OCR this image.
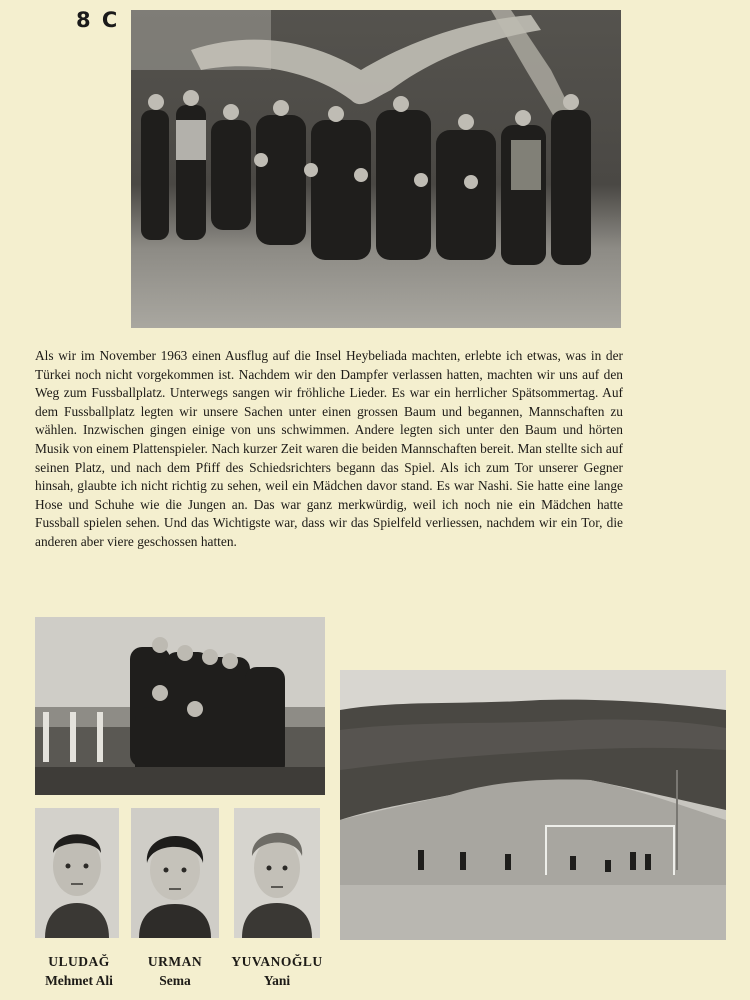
8 C

Als wir im November 1963 einen Ausflug auf die Insel Heybeliada machten, erlebte ich etwas, was in der Türkei noch nicht vorgekommen ist. Nachdem wir den Dampfer verlassen hatten, machten wir uns auf den Weg zum Fussballplatz. Unterwegs sangen wir fröhliche Lieder. Es war ein herrlicher Spätsommertag. Auf dem Fussballplatz legten wir unsere Sachen unter einen grossen Baum und begannen, Mannschaften zu wählen. Inzwischen gingen einige von uns schwimmen. Andere legten sich unter den Baum und hörten Musik von einem Plattenspieler. Nach kurzer Zeit waren die beiden Mannschaften bereit. Man stellte sich auf seinen Platz, und nach dem Pfiff des Schiedsrichters begann das Spiel. Als ich zum Tor unserer Gegner hinsah, glaubte ich nicht richtig zu sehen, weil ein Mädchen davor stand. Es war Nashi. Sie hatte eine lange Hose und Schuhe wie die Jungen an. Das war ganz merkwürdig, weil ich noch nie ein Mädchen hatte Fussball spielen sehen. Und das Wichtigste war, dass wir das Spielfeld verliessen, nachdem wir ein Tor, die anderen aber viere geschossen hatten.

ULUDAĞ
Mehmet Ali
URMAN
Sema
YUVANOĞLU
Yani
